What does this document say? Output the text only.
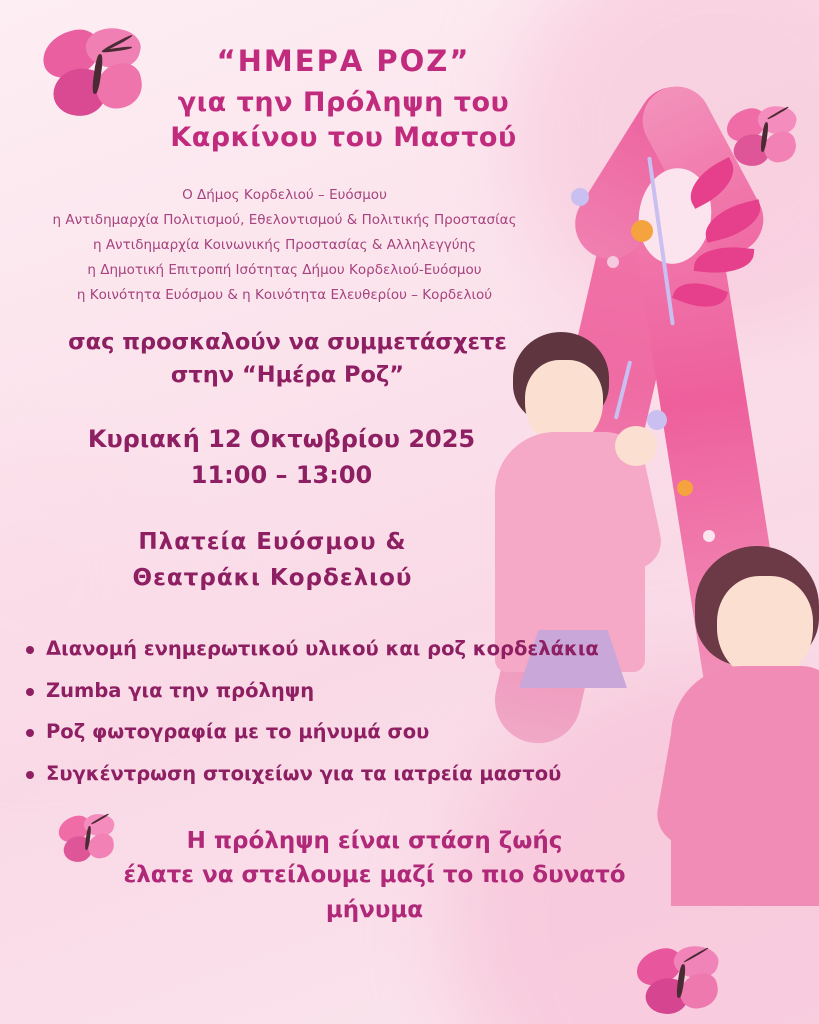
“ΗΜΕΡΑ ΡΟΖ”
για την Πρόληψη του
Καρκίνου του Μαστού
Ο Δήμος Κορδελιού – Ευόσμου
η Αντιδημαρχία Πολιτισμού, Εθελοντισμού & Πολιτικής Προστασίας
η Αντιδημαρχία Κοινωνικής Προστασίας & Αλληλεγγύης
η Δημοτική Επιτροπή Ισότητας Δήμου Κορδελιού-Ευόσμου
η Κοινότητα Ευόσμου & η Κοινότητα Ελευθερίου – Κορδελιού
σας προσκαλούν να συμμετάσχετε
στην “Ημέρα Ροζ”
Κυριακή 12 Οκτωβρίου 2025
11:00 – 13:00
Πλατεία Ευόσμου &
Θεατράκι Κορδελιού
Διανομή ενημερωτικού υλικού και ροζ κορδελάκια
Zumba για την πρόληψη
Ροζ φωτογραφία με το μήνυμά σου
Συγκέντρωση στοιχείων για τα ιατρεία μαστού
Η πρόληψη είναι στάση ζωής
έλατε να στείλουμε μαζί το πιο δυνατό
μήνυμα
